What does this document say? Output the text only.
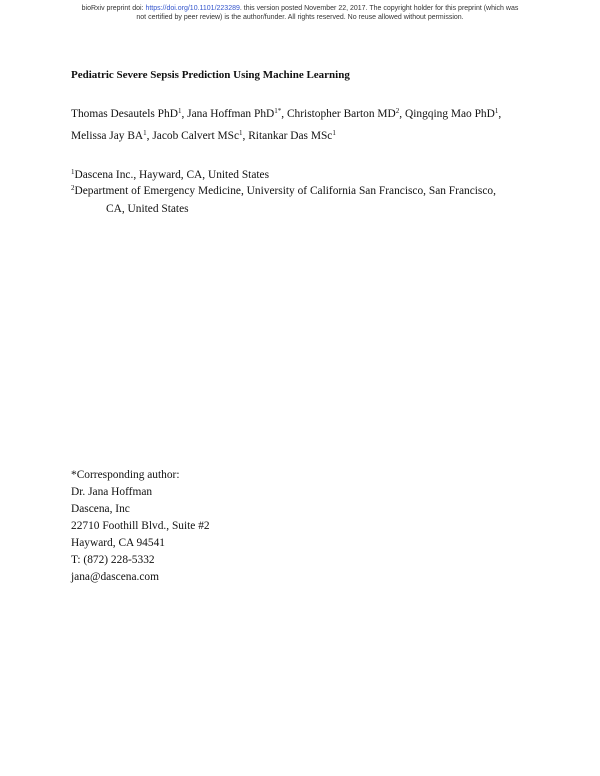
bioRxiv preprint doi: https://doi.org/10.1101/223289. this version posted November 22, 2017. The copyright holder for this preprint (which was
not certified by peer review) is the author/funder. All rights reserved. No reuse allowed without permission.
Pediatric Severe Sepsis Prediction Using Machine Learning
Thomas Desautels PhD$^1$, Jana Hoffman PhD$^{1*}$, Christopher Barton $MD^2$, Qingqing Mao PhD$^1$,
Melissa Jay $BA^1$, Jacob Calvert MSc$^1$, Ritankar Das MSc$^1$
$^1$Dascena Inc., Hayward, CA, United States
$^2$Department of Emergency Medicine, University of California San Francisco, San Francisco,
CA, United States
*Corresponding author:
Dr. Jana Hoffman
Dascena, Inc
22710 Foothill Blvd., Suite #2
Hayward, CA 94541
T: (872) 228-5332
jana@dascena.com
